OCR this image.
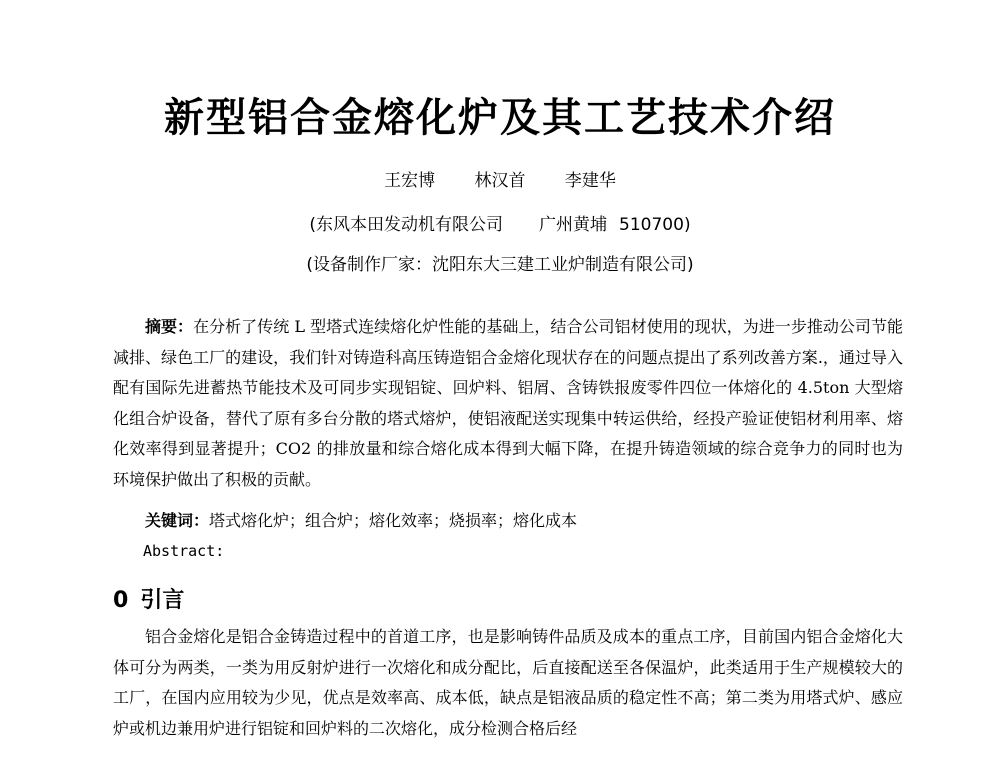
新型铝合金熔化炉及其工艺技术介绍
王宏博 林汉首 李建华
(东风本田发动机有限公司 广州黄埔 510700)
(设备制作厂家：沈阳东大三建工业炉制造有限公司)
摘要：在分析了传统 L 型塔式连续熔化炉性能的基础上，结合公司铝材使用的现状，为进一步推动公司节能减排、绿色工厂的建设，我们针对铸造科高压铸造铝合金熔化现状存在的问题点提出了系列改善方案.，通过导入配有国际先进蓄热节能技术及可同步实现铝锭、回炉料、铝屑、含铸铁报废零件四位一体熔化的 4.5ton 大型熔化组合炉设备，替代了原有多台分散的塔式熔炉，使铝液配送实现集中转运供给，经投产验证使铝材利用率、熔化效率得到显著提升；CO2 的排放量和综合熔化成本得到大幅下降，在提升铸造领域的综合竞争力的同时也为环境保护做出了积极的贡献。
关键词：塔式熔化炉；组合炉；熔化效率；烧损率；熔化成本
Abstract:
0 引言
铝合金熔化是铝合金铸造过程中的首道工序，也是影响铸件品质及成本的重点工序，目前国内铝合金熔化大体可分为两类，一类为用反射炉进行一次熔化和成分配比，后直接配送至各保温炉，此类适用于生产规模较大的工厂，在国内应用较为少见，优点是效率高、成本低，缺点是铝液品质的稳定性不高；第二类为用塔式炉、感应炉或机边兼用炉进行铝锭和回炉料的二次熔化，成分检测合格后经
